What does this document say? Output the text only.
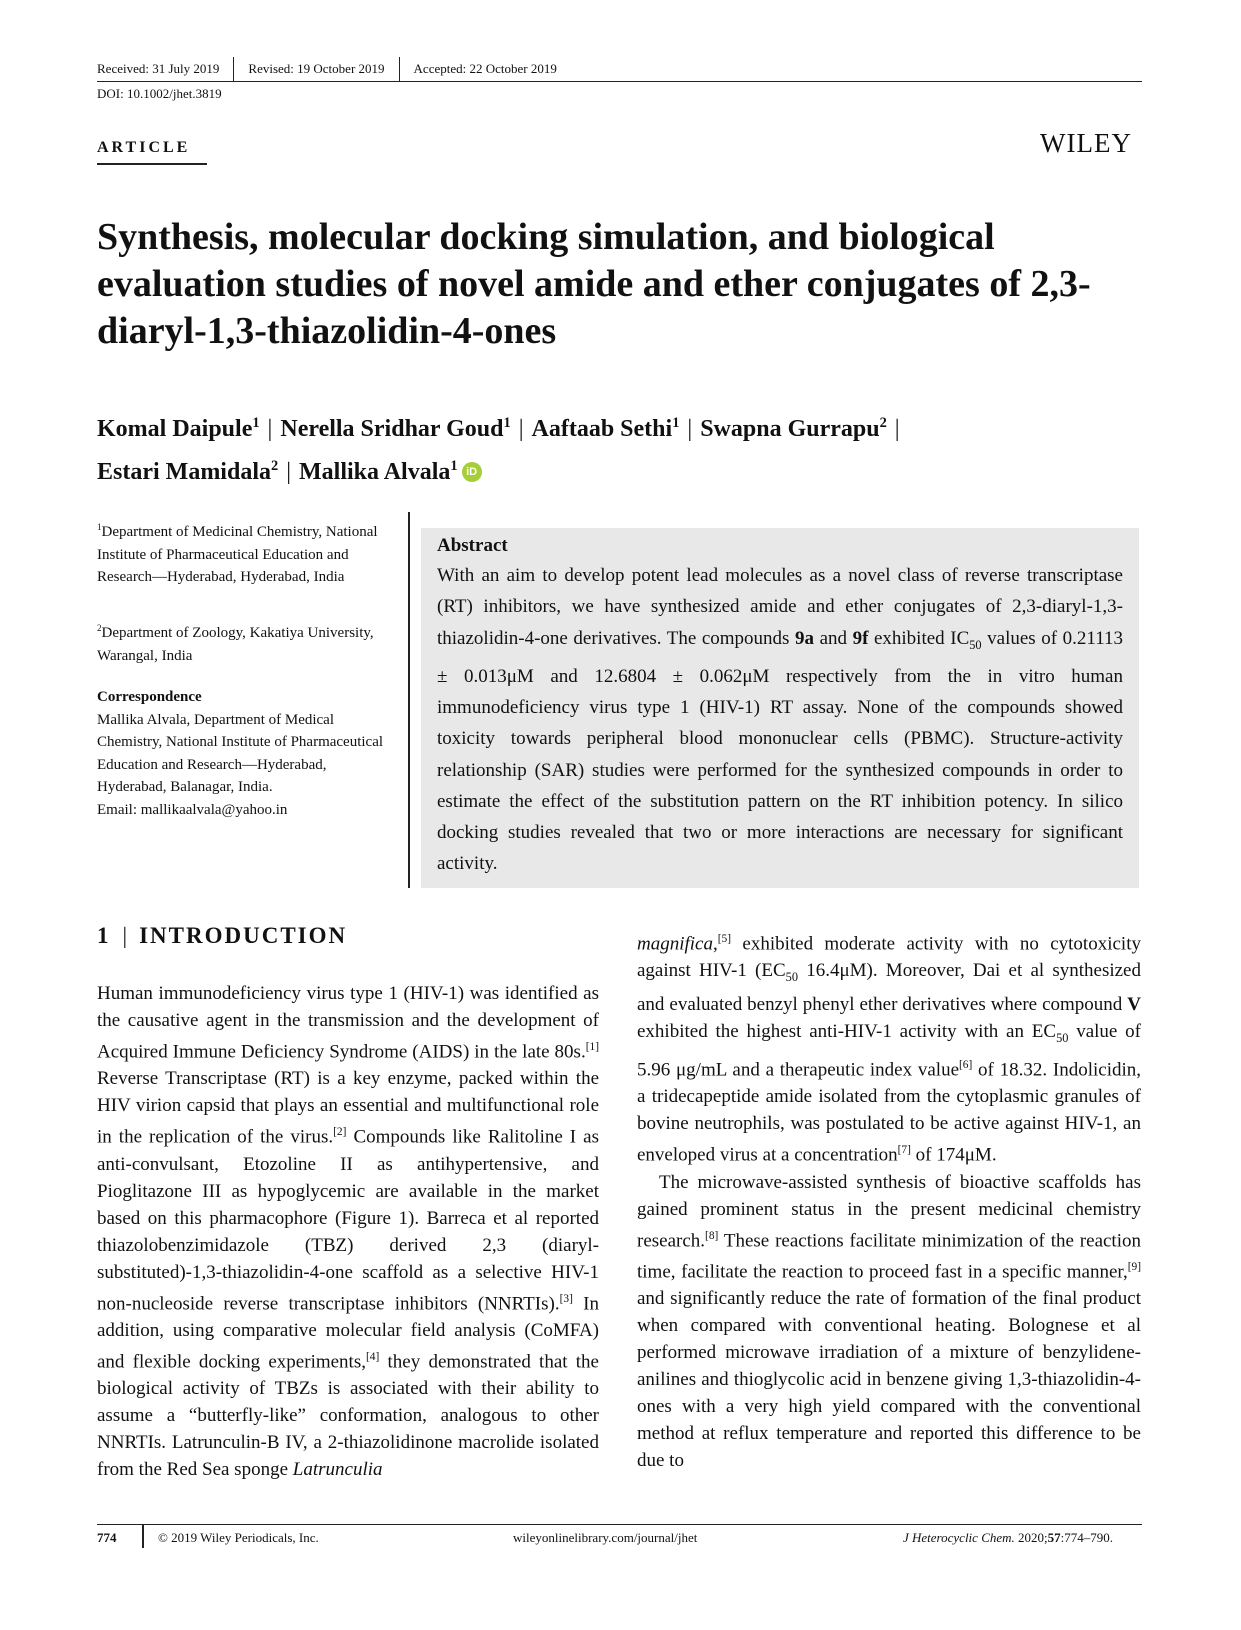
Received: 31 July 2019	Revised: 19 October 2019	Accepted: 22 October 2019
DOI: 10.1002/jhet.3819
ARTICLE	WILEY
Synthesis, molecular docking simulation, and biological evaluation studies of novel amide and ether conjugates of 2,3-diaryl-1,3-thiazolidin-4-ones
Komal Daipule$^1$ | Nerella Sridhar Goud$^1$ | Aaftaab Sethi$^1$ | Swapna Gurrapu$^2$ |
Estari Mamidala$^2$ | Mallika Alvala$^1$ iD
$^1$Department of Medicinal Chemistry, National Institute of Pharmaceutical Education and Research—Hyderabad, Hyderabad, India
$^2$Department of Zoology, Kakatiya University, Warangal, India
Correspondence
Mallika Alvala, Department of Medical Chemistry, National Institute of Pharmaceutical Education and Research—Hyderabad, Hyderabad, Balanagar, India.
Email: mallikaalvala@yahoo.in
Abstract
With an aim to develop potent lead molecules as a novel class of reverse transcriptase (RT) inhibitors, we have synthesized amide and ether conjugates of 2,3-diaryl-1,3-thiazolidin-4-one derivatives. The compounds 9a and 9f exhibited $IC_{50}$ values of 0.21113 ± 0.013μM and 12.6804 ± 0.062μM respectively from the in vitro human immunodeficiency virus type 1 (HIV-1) RT assay. None of the compounds showed toxicity towards peripheral blood mononuclear cells (PBMC). Structure-activity relationship (SAR) studies were performed for the synthesized compounds in order to estimate the effect of the substitution pattern on the RT inhibition potency. In silico docking studies revealed that two or more interactions are necessary for significant activity.
1 | INTRODUCTION

Human immunodeficiency virus type 1 (HIV-1) was identified as the causative agent in the transmission and the development of Acquired Immune Deficiency Syndrome (AIDS) in the late 80s.[1] Reverse Transcriptase (RT) is a key enzyme, packed within the HIV virion capsid that plays an essential and multifunctional role in the replication of the virus.[2] Compounds like Ralitoline I as anti-convulsant, Etozoline II as antihypertensive, and Pioglitazone III as hypoglycemic are available in the market based on this pharmacophore (Figure 1). Barreca et al reported thiazolobenzimidazole (TBZ) derived 2,3 (diaryl-substituted)-1,3-thiazolidin-4-one scaffold as a selective HIV-1 non-nucleoside reverse transcriptase inhibitors (NNRTIs).[3] In addition, using comparative molecular field analysis (CoMFA) and flexible docking experiments,[4] they demonstrated that the biological activity of TBZs is associated with their ability to assume a “butterfly-like” conformation, analogous to other NNRTIs. Latrunculin-B IV, a 2-thiazolidinone macrolide isolated from the Red Sea sponge Latrunculia

magnifica,[5] exhibited moderate activity with no cytotoxicity against HIV-1 ($EC_{50}$ 16.4μM). Moreover, Dai et al synthesized and evaluated benzyl phenyl ether derivatives where compound V exhibited the highest anti-HIV-1 activity with an $EC_{50}$ value of 5.96 μg/mL and a therapeutic index value[6] of 18.32. Indolicidin, a tridecapeptide amide isolated from the cytoplasmic granules of bovine neutrophils, was postulated to be active against HIV-1, an enveloped virus at a concentration[7] of 174μM.

The microwave-assisted synthesis of bioactive scaffolds has gained prominent status in the present medicinal chemistry research.[8] These reactions facilitate minimization of the reaction time, facilitate the reaction to proceed fast in a specific manner,[9] and significantly reduce the rate of formation of the final product when compared with conventional heating. Bolognese et al performed microwave irradiation of a mixture of benzylidene-anilines and thioglycolic acid in benzene giving 1,3-thiazolidin-4-ones with a very high yield compared with the conventional method at reflux temperature and reported this difference to be due to

774	© 2019 Wiley Periodicals, Inc.	wileyonlinelibrary.com/journal/jhet	J Heterocyclic Chem. 2020;57:774–790.
